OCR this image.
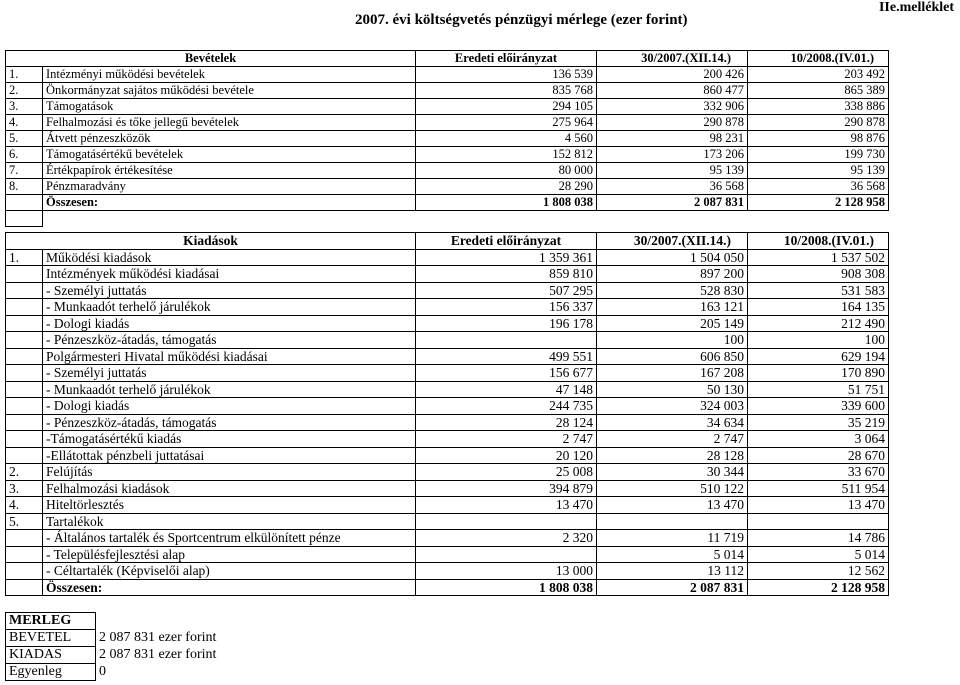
2007. évi költségvetés pénzügyi mérlege (ezer forint)
IIe.melléklet
Bevételek		Eredeti előirányzat	30/2007.(XII.14.)	10/2008.(IV.01.)
1.	Intézményi működési bevételek	136 539	200 426	203 492
2.	Önkormányzat sajátos működési bevétele	835 768	860 477	865 389
3.	Támogatások	294 105	332 906	338 886
4.	Felhalmozási és tőke jellegű bevételek	275 964	290 878	290 878
5.	Átvett pénzeszközök	4 560	98 231	98 876
6.	Támogatásértékű bevételek	152 812	173 206	199 730
7.	Értékpapírok értékesítése	80 000	95 139	95 139
8.	Pénzmaradvány	28 290	36 568	36 568
	Összesen:	1 808 038	2 087 831	2 128 958

Kiadások		Eredeti előirányzat	30/2007.(XII.14.)	10/2008.(IV.01.)
1.	Működési kiadások	1 359 361	1 504 050	1 537 502
	Intézmények működési kiadásai	859 810	897 200	908 308
	- Személyi juttatás	507 295	528 830	531 583
	- Munkaadót terhelő járulékok	156 337	163 121	164 135
	- Dologi kiadás	196 178	205 149	212 490
	- Pénzeszköz-átadás, támogatás		100	100
	Polgármesteri Hivatal működési kiadásai	499 551	606 850	629 194
	- Személyi juttatás	156 677	167 208	170 890
	- Munkaadót terhelő járulékok	47 148	50 130	51 751
	- Dologi kiadás	244 735	324 003	339 600
	- Pénzeszköz-átadás, támogatás	28 124	34 634	35 219
	-Támogatásértékű kiadás	2 747	2 747	3 064
	-Ellátottak pénzbeli juttatásai	20 120	28 128	28 670
2.	Felújítás	25 008	30 344	33 670
3.	Felhalmozási kiadások	394 879	510 122	511 954
4.	Hiteltörlesztés	13 470	13 470	13 470
5.	Tartalékok			
	- Általános tartalék és Sportcentrum elkülönített pénze	2 320	11 719	14 786
	- Településfejlesztési alap		5 014	5 014
	- Céltartalék (Képviselői alap)	13 000	13 112	12 562
	Összesen:	1 808 038	2 087 831	2 128 958
MERLEG	
BEVETEL	2 087 831 ezer forint
KIADAS	2 087 831 ezer forint
Egyenleg	0
